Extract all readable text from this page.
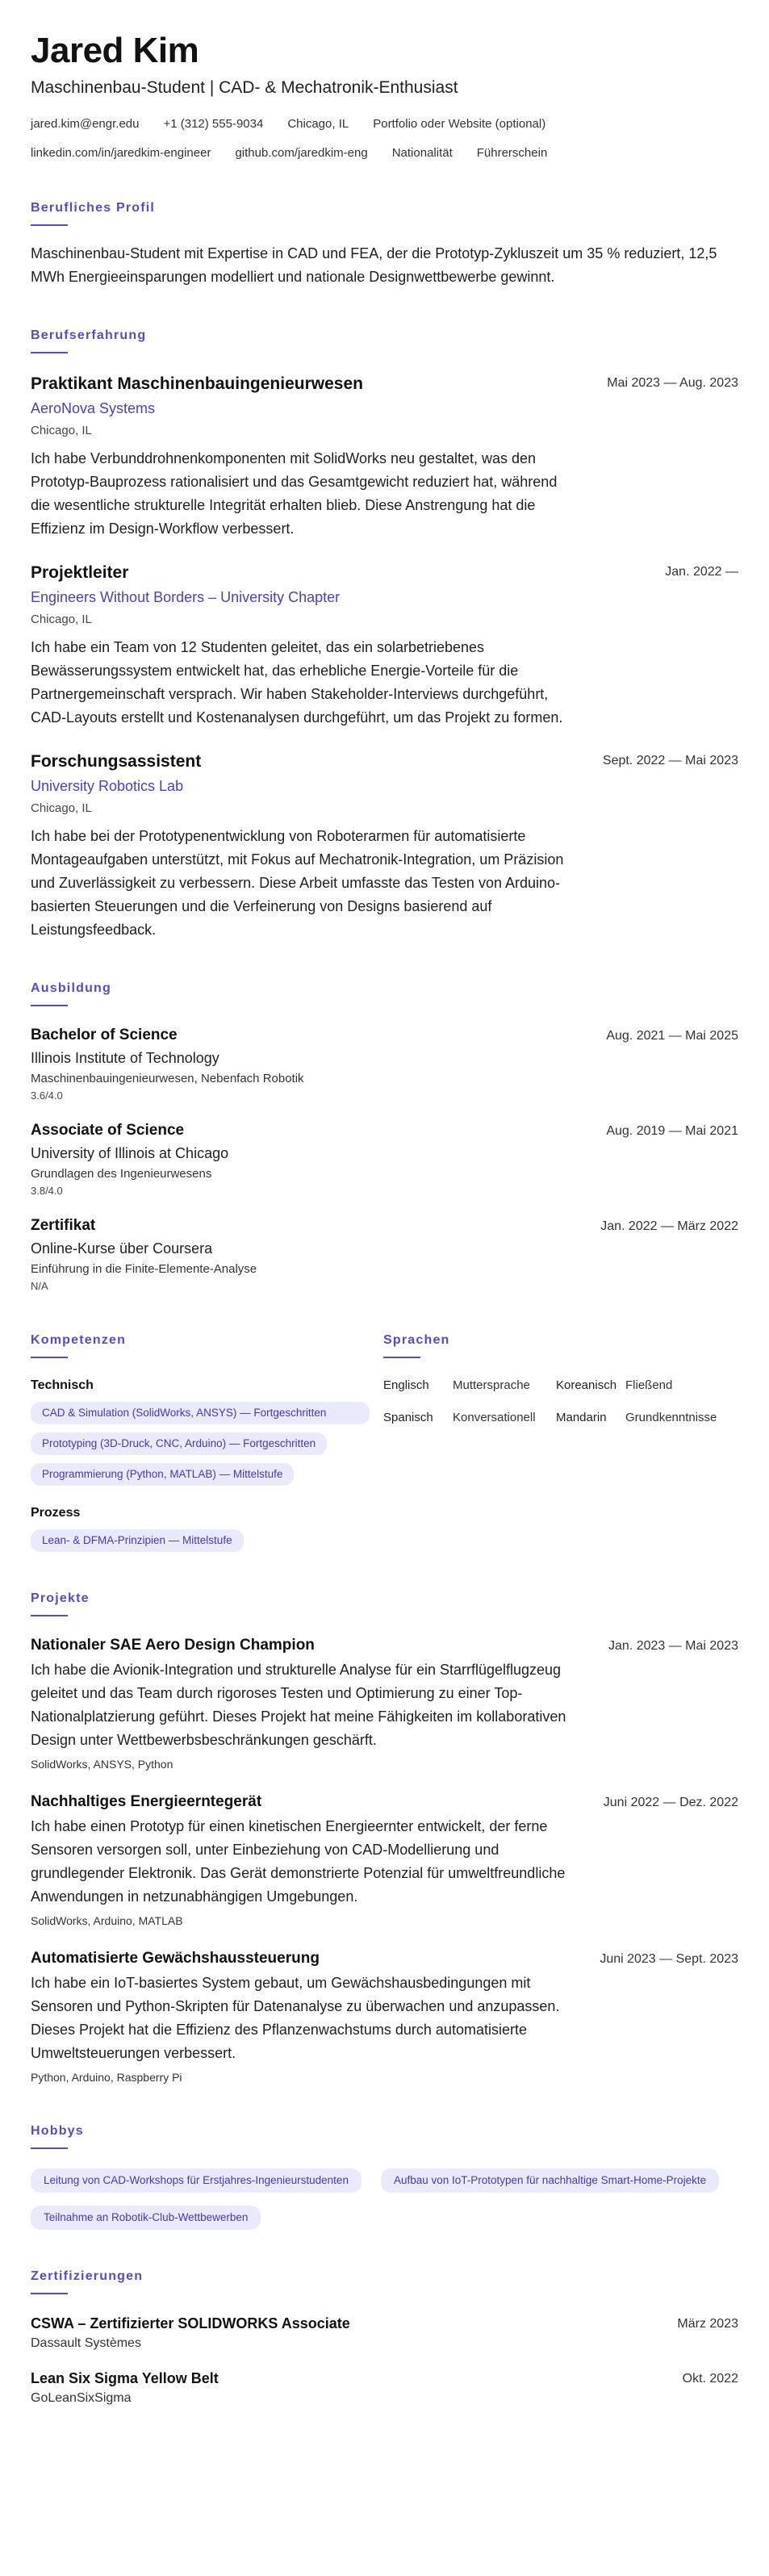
Jared Kim
Maschinenbau-Student | CAD- & Mechatronik-Enthusiast
jared.kim@engr.edu +1 (312) 555-9034 Chicago, IL Portfolio oder Website (optional)
linkedin.com/in/jaredkim-engineer github.com/jaredkim-eng Nationalität Führerschein
Berufliches Profil

Maschinenbau-Student mit Expertise in CAD und FEA, der die Prototyp-Zykluszeit um 35 % reduziert, 12,5 MWh Energieeinsparungen modelliert und nationale Designwettbewerbe gewinnt.

Berufserfahrung
Praktikant Maschinenbauingenieurwesen
AeroNova Systems
Chicago, IL

Ich habe Verbunddrohnenkomponenten mit SolidWorks neu gestaltet, was den Prototyp-Bauprozess rationalisiert und das Gesamtgewicht reduziert hat, während die wesentliche strukturelle Integrität erhalten blieb. Diese Anstrengung hat die Effizienz im Design-Workflow verbessert.

Mai 2023 — Aug. 2023
Projektleiter
Engineers Without Borders – University Chapter
Chicago, IL

Ich habe ein Team von 12 Studenten geleitet, das ein solarbetriebenes Bewässerungssystem entwickelt hat, das erhebliche Energie-Vorteile für die Partnergemeinschaft versprach. Wir haben Stakeholder-Interviews durchgeführt, CAD-Layouts erstellt und Kostenanalysen durchgeführt, um das Projekt zu formen.

Jan. 2022 —
Forschungsassistent
University Robotics Lab
Chicago, IL

Ich habe bei der Prototypenentwicklung von Roboterarmen für automatisierte Montageaufgaben unterstützt, mit Fokus auf Mechatronik-Integration, um Präzision und Zuverlässigkeit zu verbessern. Diese Arbeit umfasste das Testen von Arduino-basierten Steuerungen und die Verfeinerung von Designs basierend auf Leistungsfeedback.

Sept. 2022 — Mai 2023
Ausbildung
Bachelor of Science
Illinois Institute of Technology
Maschinenbauingenieurwesen, Nebenfach Robotik
3.6/4.0
Aug. 2021 — Mai 2025
Associate of Science
University of Illinois at Chicago
Grundlagen des Ingenieurwesens
3.8/4.0
Aug. 2019 — Mai 2021
Zertifikat
Online-Kurse über Coursera
Einführung in die Finite-Elemente-Analyse
N/A
Jan. 2022 — März 2022
Kompetenzen
Technisch
CAD & Simulation (SolidWorks, ANSYS) — Fortgeschritten
Prototyping (3D-Druck, CNC, Arduino) — Fortgeschritten
Programmierung (Python, MATLAB) — Mittelstufe
Prozess
Lean- & DFMA-Prinzipien — Mittelstufe
Sprachen
Englisch	Muttersprache	Koreanisch Fließend
Spanisch	Konversationell	Mandarin	Grundkenntnisse
Projekte
Nationaler SAE Aero Design Champion

Ich habe die Avionik-Integration und strukturelle Analyse für ein Starrflügelflugzeug geleitet und das Team durch rigoroses Testen und Optimierung zu einer Top-Nationalplatzierung geführt. Dieses Projekt hat meine Fähigkeiten im kollaborativen Design unter Wettbewerbsbeschränkungen geschärft.

SolidWorks, ANSYS, Python
Jan. 2023 — Mai 2023
Nachhaltiges Energieerntegerät

Ich habe einen Prototyp für einen kinetischen Energieernter entwickelt, der ferne Sensoren versorgen soll, unter Einbeziehung von CAD-Modellierung und grundlegender Elektronik. Das Gerät demonstrierte Potenzial für umweltfreundliche Anwendungen in netzunabhängigen Umgebungen.

SolidWorks, Arduino, MATLAB
Juni 2022 — Dez. 2022
Automatisierte Gewächshaussteuerung

Ich habe ein IoT-basiertes System gebaut, um Gewächshausbedingungen mit Sensoren und Python-Skripten für Datenanalyse zu überwachen und anzupassen. Dieses Projekt hat die Effizienz des Pflanzenwachstums durch automatisierte Umweltsteuerungen verbessert.

Python, Arduino, Raspberry Pi
Juni 2023 — Sept. 2023
Hobbys
Leitung von CAD-Workshops für Erstjahres-Ingenieurstudenten	Aufbau von IoT-Prototypen für nachhaltige Smart-Home-Projekte
Teilnahme an Robotik-Club-Wettbewerben
Zertifizierungen
CSWA – Zertifizierter SOLIDWORKS Associate
Dassault Systèmes
März 2023
Lean Six Sigma Yellow Belt
GoLeanSixSigma
Okt. 2022
